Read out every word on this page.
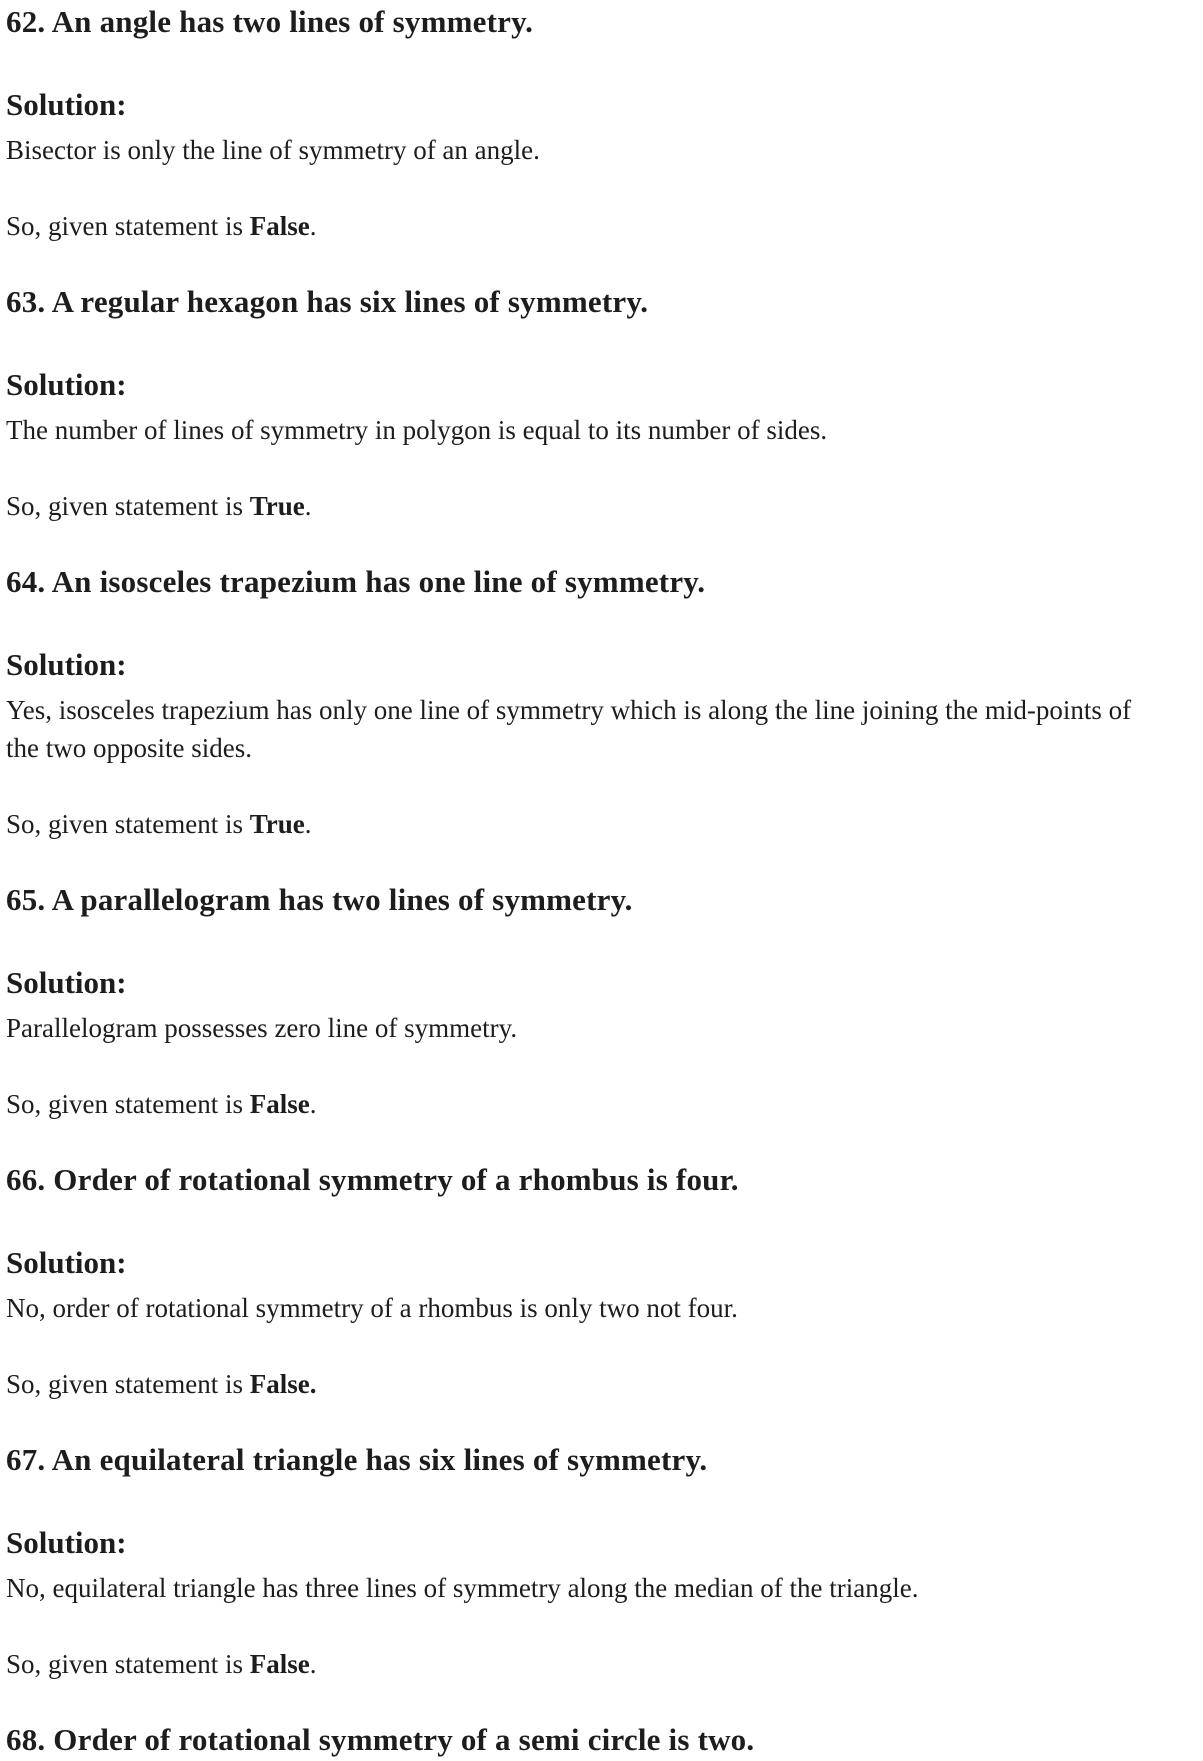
62. An angle has two lines of symmetry.
Solution:

Bisector is only the line of symmetry of an angle.

So, given statement is False.

63. A regular hexagon has six lines of symmetry.
Solution:

The number of lines of symmetry in polygon is equal to its number of sides.

So, given statement is True.

64. An isosceles trapezium has one line of symmetry.
Solution:

Yes, isosceles trapezium has only one line of symmetry which is along the line joining the mid-points of the two opposite sides.

So, given statement is True.

65. A parallelogram has two lines of symmetry.
Solution:

Parallelogram possesses zero line of symmetry.

So, given statement is False.

66. Order of rotational symmetry of a rhombus is four.
Solution:

No, order of rotational symmetry of a rhombus is only two not four.

So, given statement is False.

67. An equilateral triangle has six lines of symmetry.
Solution:

No, equilateral triangle has three lines of symmetry along the median of the triangle.

So, given statement is False.

68. Order of rotational symmetry of a semi circle is two.
